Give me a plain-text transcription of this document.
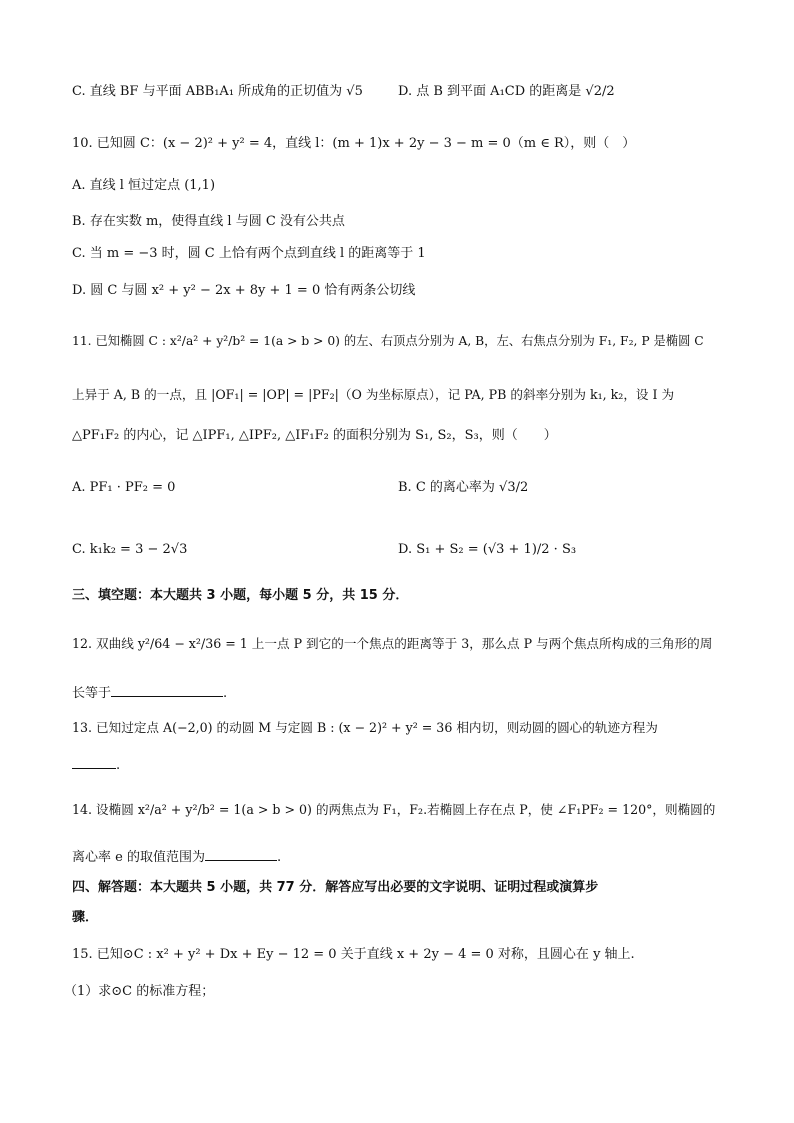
C. 直线 BF 与平面 ABB₁A₁ 所成角的正切值为 √5	D. 点 B 到平面 A₁CD 的距离是 √2/2
10. 已知圆 C：(x − 2)² + y² = 4，直线 l：(m + 1)x + 2y − 3 − m = 0（m ∈ R），则（　）
A. 直线 l 恒过定点 (1,1)
B. 存在实数 m，使得直线 l 与圆 C 没有公共点
C. 当 m = −3 时，圆 C 上恰有两个点到直线 l 的距离等于 1
D. 圆 C 与圆 x² + y² − 2x + 8y + 1 = 0 恰有两条公切线
11. 已知椭圆 C : x²/a² + y²/b² = 1(a > b > 0) 的左、右顶点分别为 A, B，左、右焦点分别为 F₁, F₂, P 是椭圆 C
上异于 A, B 的一点，且 |OF₁| = |OP| = |PF₂|（O 为坐标原点），记 PA, PB 的斜率分别为 k₁, k₂，设 I 为
△PF₁F₂ 的内心，记 △IPF₁, △IPF₂, △IF₁F₂ 的面积分别为 S₁, S₂，S₃，则（　　）
A. PF₁ · PF₂ = 0	B. C 的离心率为 √3/2
C. k₁k₂ = 3 − 2√3	D. S₁ + S₂ = (√3 + 1)/2 · S₃
三、填空题：本大题共 3 小题，每小题 5 分，共 15 分．
12. 双曲线 y²/64 − x²/36 = 1 上一点 P 到它的一个焦点的距离等于 3，那么点 P 与两个焦点所构成的三角形的周
长等于	.
13. 已知过定点 A(−2,0) 的动圆 M 与定圆 B : (x − 2)² + y² = 36 相内切，则动圆的圆心的轨迹方程为
.
14. 设椭圆 x²/a² + y²/b² = 1(a > b > 0) 的两焦点为 F₁，F₂.若椭圆上存在点 P，使 ∠F₁PF₂ = 120°，则椭圆的
离心率 e 的取值范围为	.
四、解答题：本大题共 5 小题，共 77 分．解答应写出必要的文字说明、证明过程或演算步
骤．
15. 已知⊙C : x² + y² + Dx + Ey − 12 = 0 关于直线 x + 2y − 4 = 0 对称，且圆心在 y 轴上.
（1）求⊙C 的标准方程；
